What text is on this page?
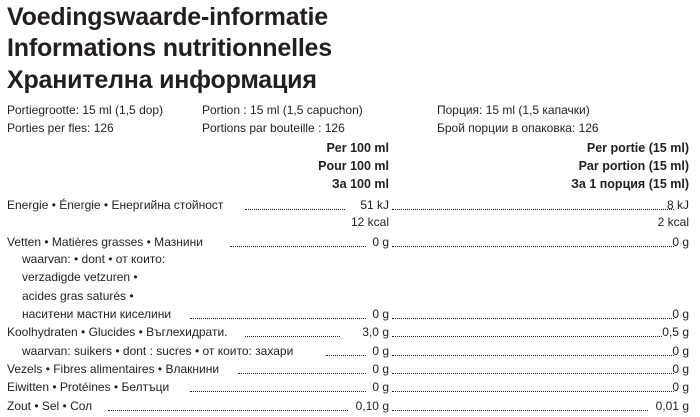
Voedingswaarde-informatie
Informations nutritionnelles
Хранителна информация
Portiegrootte: 15 ml (1,5 dop)	Portion : 15 ml (1,5 capuchon)	Порция: 15 ml (1,5 капачки)
Porties per fles: 126	Portions par bouteille : 126	Брой порции в опаковка: 126
Per 100 ml
Pour 100 ml
За 100 ml
Per portie (15 ml)
Par portion (15 ml)
За 1 порция (15 ml)
Energie • Énergie • Енергийна стойност	51 kJ	8 kJ
12 kcal	2 kcal
Vetten • Matières grasses • Мазнини	0 g	0 g
waarvan: • dont • от които:
verzadigde vetzuren •
acides gras saturés •
наситени мастни киселини	0 g	0 g
Koolhydraten • Glucides • Въглехидрати.	3,0 g	0,5 g
waarvan: suikers • dont : sucres • от които: захари	0 g	0 g
Vezels • Fibres alimentaires • Влакнини	0 g	0 g
Eiwitten • Protéines • Белтъци	0 g	0 g
Zout • Sel • Сол	0,10 g	0,01 g
